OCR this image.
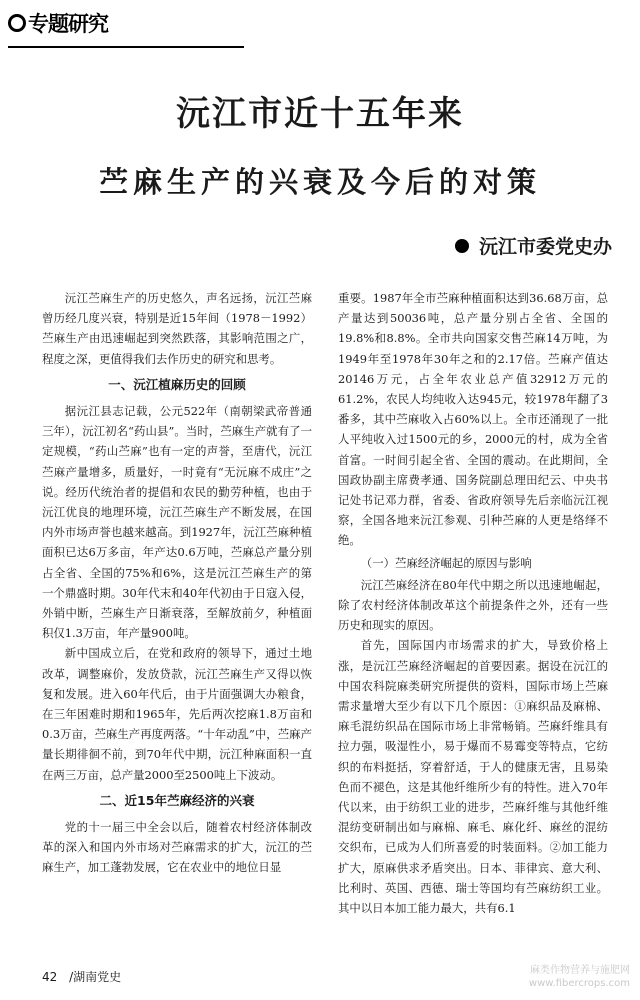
专题研究
沅江市近十五年来
苎麻生产的兴衰及今后的对策
沅江市委党史办

沅江苎麻生产的历史悠久，声名远扬，沅江苎麻曾历经几度兴衰，特别是近15年间（1978－1992）苎麻生产由迅速崛起到突然跌落，其影响范围之广，程度之深，更值得我们去作历史的研究和思考。

一、沅江植麻历史的回顾

据沅江县志记载，公元522年（南朝梁武帝普通三年），沅江初名“药山县”。当时，苎麻生产就有了一定规模，“药山苎麻”也有一定的声誉，至唐代，沅江苎麻产量增多，质量好，一时竟有“无沅麻不成庄”之说。经历代统治者的提倡和农民的勤劳种植，也由于沅江优良的地理环境，沅江苎麻生产不断发展，在国内外市场声誉也越来越高。到1927年，沅江苎麻种植面积已达6万多亩，年产达0.6万吨，苎麻总产量分别占全省、全国的75%和6%，这是沅江苎麻生产的第一个鼎盛时期。30年代末和40年代初由于日寇入侵，外销中断，苎麻生产日渐衰落，至解放前夕，种植面积仅1.3万亩，年产量900吨。

新中国成立后，在党和政府的领导下，通过土地改革，调整麻价，发放贷款，沅江苎麻生产又得以恢复和发展。进入60年代后，由于片面强调大办粮食，在三年困难时期和1965年，先后两次挖麻1.8万亩和0.3万亩，苎麻生产再度两落。“十年动乱”中，苎麻产量长期徘徊不前，到70年代中期，沅江种麻面积一直在两三万亩，总产量2000至2500吨上下波动。

二、近15年苎麻经济的兴衰

党的十一届三中全会以后，随着农村经济体制改革的深入和国内外市场对苎麻需求的扩大，沅江的苎麻生产，加工蓬勃发展，它在农业中的地位日显

重要。1987年全市苎麻种植面积达到36.68万亩，总产量达到50036吨，总产量分别占全省、全国的19.8%和8.8%。全市共向国家交售苎麻14万吨，为1949年至1978年30年之和的2.17倍。苎麻产值达20146万元，占全年农业总产值32912万元的61.2%，农民人均纯收入达945元，较1978年翻了3番多，其中苎麻收入占60%以上。全市还涌现了一批人平纯收入过1500元的乡，2000元的村，成为全省首富。一时间引起全省、全国的震动。在此期间，全国政协副主席费孝通、国务院副总理田纪云、中央书记处书记邓力群，省委、省政府领导先后亲临沅江视察，全国各地来沅江参观、引种苎麻的人更是络绎不绝。

（一）苎麻经济崛起的原因与影响

沅江苎麻经济在80年代中期之所以迅速地崛起，除了农村经济体制改革这个前提条件之外，还有一些历史和现实的原因。

首先，国际国内市场需求的扩大，导致价格上涨，是沅江苎麻经济崛起的首要因素。据设在沅江的中国农科院麻类研究所提供的资料，国际市场上苎麻需求量增大至少有以下几个原因：①麻织品及麻棉、麻毛混纺织品在国际市场上非常畅销。苎麻纤维具有拉力强，吸湿性小，易于爆而不易霉变等特点，它纺织的布料挺括，穿着舒适，于人的健康无害，且易染色而不褪色，这是其他纤维所少有的特性。进入70年代以来，由于纺织工业的进步，苎麻纤维与其他纤维混纺变研制出如与麻棉、麻毛、麻化纤、麻丝的混纺交织布，已成为人们所喜爱的时装面料。②加工能力扩大，原麻供求矛盾突出。日本、菲律宾、意大利、比利时、英国、西德、瑞士等国均有苎麻纺织工业。其中以日本加工能力最大，共有6.1

42 /湖南党史	麻类作物营养与施肥网
www.fibercrops.com
